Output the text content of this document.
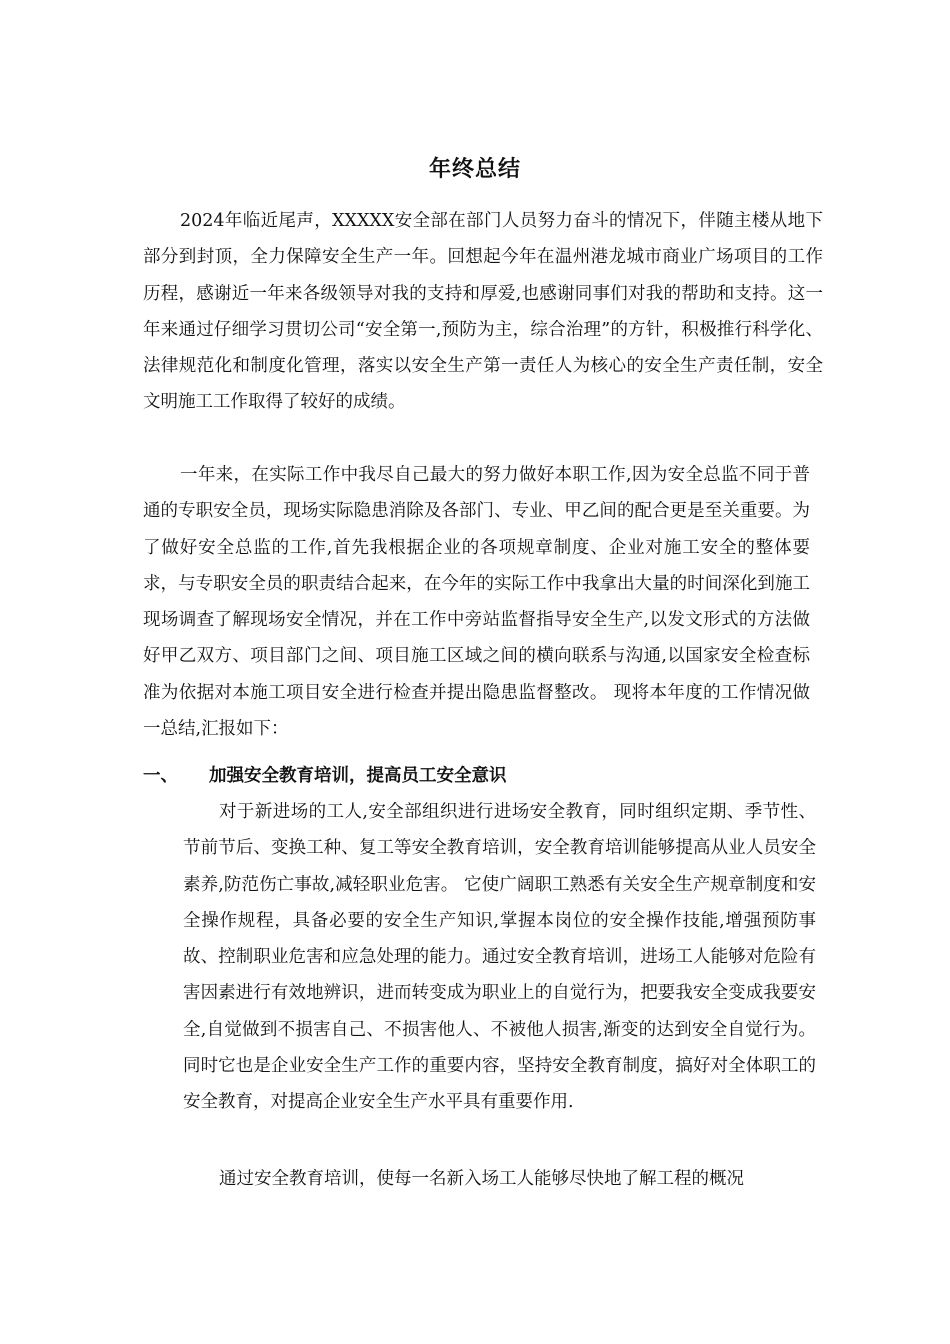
年终总结

2024年临近尾声，XXXXX安全部在部门人员努力奋斗的情况下，伴随主楼从地下部分到封顶，全力保障安全生产一年。回想起今年在温州港龙城市商业广场项目的工作历程，感谢近一年来各级领导对我的支持和厚爱,也感谢同事们对我的帮助和支持。这一年来通过仔细学习贯切公司“安全第一,预防为主，综合治理”的方针，积极推行科学化、法律规范化和制度化管理，落实以安全生产第一责任人为核心的安全生产责任制，安全文明施工工作取得了较好的成绩。

一年来，在实际工作中我尽自己最大的努力做好本职工作,因为安全总监不同于普通的专职安全员，现场实际隐患消除及各部门、专业、甲乙间的配合更是至关重要。为了做好安全总监的工作,首先我根据企业的各项规章制度、企业对施工安全的整体要求，与专职安全员的职责结合起来，在今年的实际工作中我拿出大量的时间深化到施工现场调查了解现场安全情况，并在工作中旁站监督指导安全生产,以发文形式的方法做好甲乙双方、项目部门之间、项目施工区域之间的横向联系与沟通,以国家安全检查标准为依据对本施工项目安全进行检查并提出隐患监督整改。 现将本年度的工作情况做一总结,汇报如下：

一、 加强安全教育培训，提高员工安全意识

对于新进场的工人,安全部组织进行进场安全教育，同时组织定期、季节性、节前节后、变换工种、复工等安全教育培训，安全教育培训能够提高从业人员安全素养,防范伤亡事故,减轻职业危害。 它使广阔职工熟悉有关安全生产规章制度和安全操作规程，具备必要的安全生产知识,掌握本岗位的安全操作技能,增强预防事故、控制职业危害和应急处理的能力。通过安全教育培训，进场工人能够对危险有害因素进行有效地辨识，进而转变成为职业上的自觉行为，把要我安全变成我要安全,自觉做到不损害自己、不损害他人、不被他人损害,渐变的达到安全自觉行为。同时它也是企业安全生产工作的重要内容，坚持安全教育制度，搞好对全体职工的安全教育，对提高企业安全生产水平具有重要作用.

通过安全教育培训，使每一名新入场工人能够尽快地了解工程的概况
